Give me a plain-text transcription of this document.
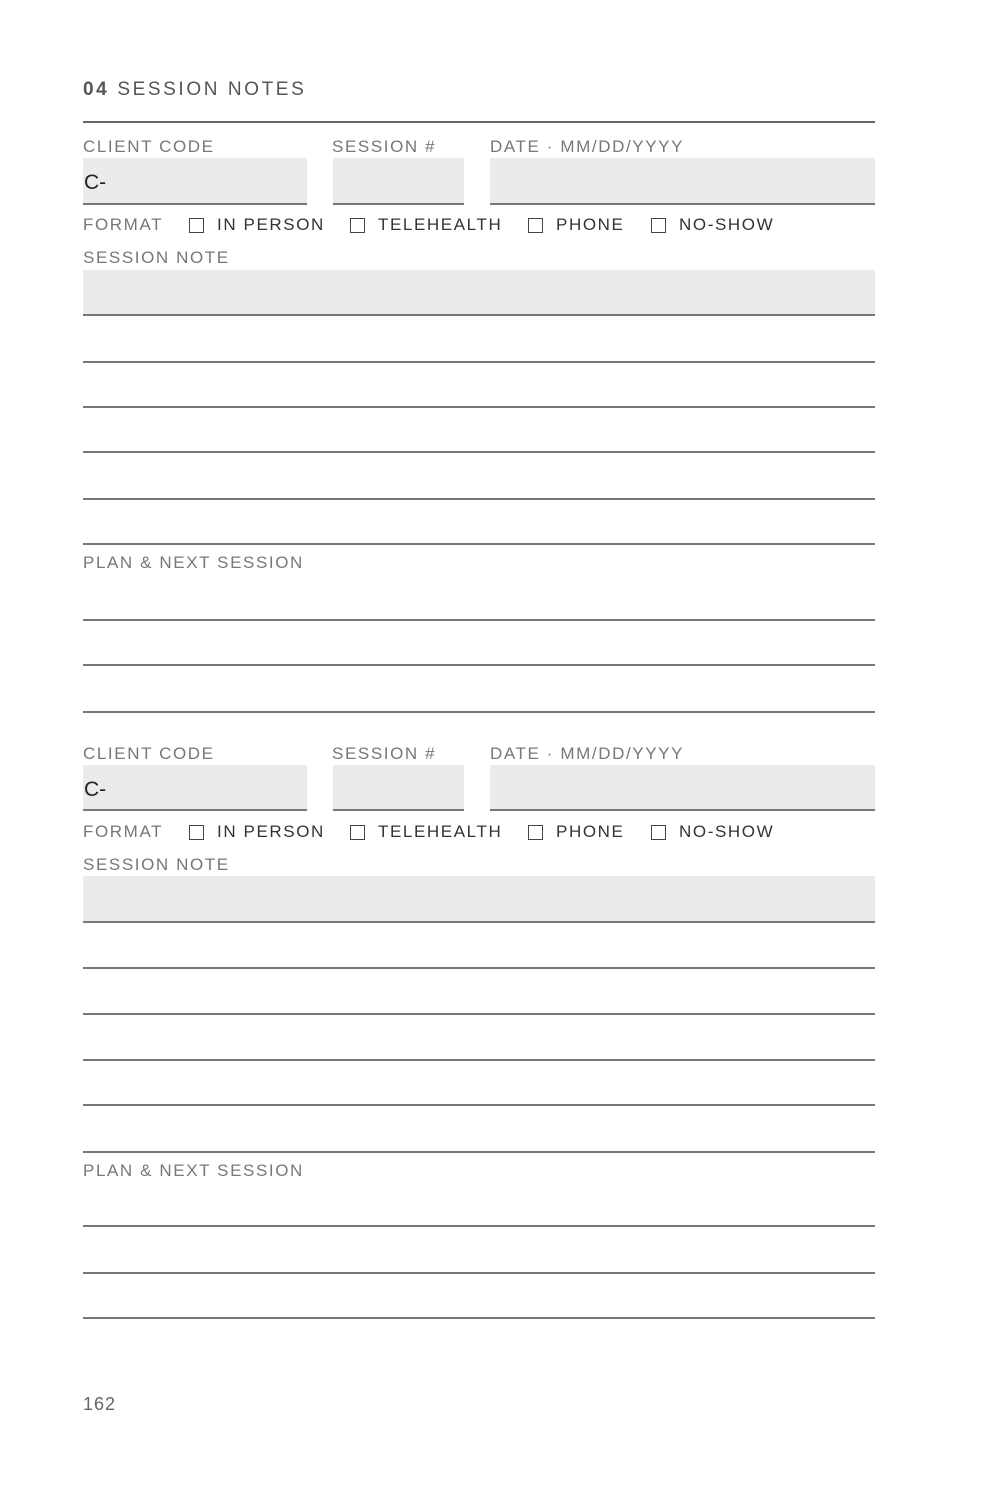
04 SESSION NOTES
CLIENT CODE	SESSION #	DATE · MM/DD/YYYY
C-
FORMAT	IN PERSON	TELEHEALTH	PHONE	NO-SHOW
SESSION NOTE
PLAN & NEXT SESSION
CLIENT CODE	SESSION #	DATE · MM/DD/YYYY
C-
FORMAT	IN PERSON	TELEHEALTH	PHONE	NO-SHOW
SESSION NOTE
PLAN & NEXT SESSION
162
